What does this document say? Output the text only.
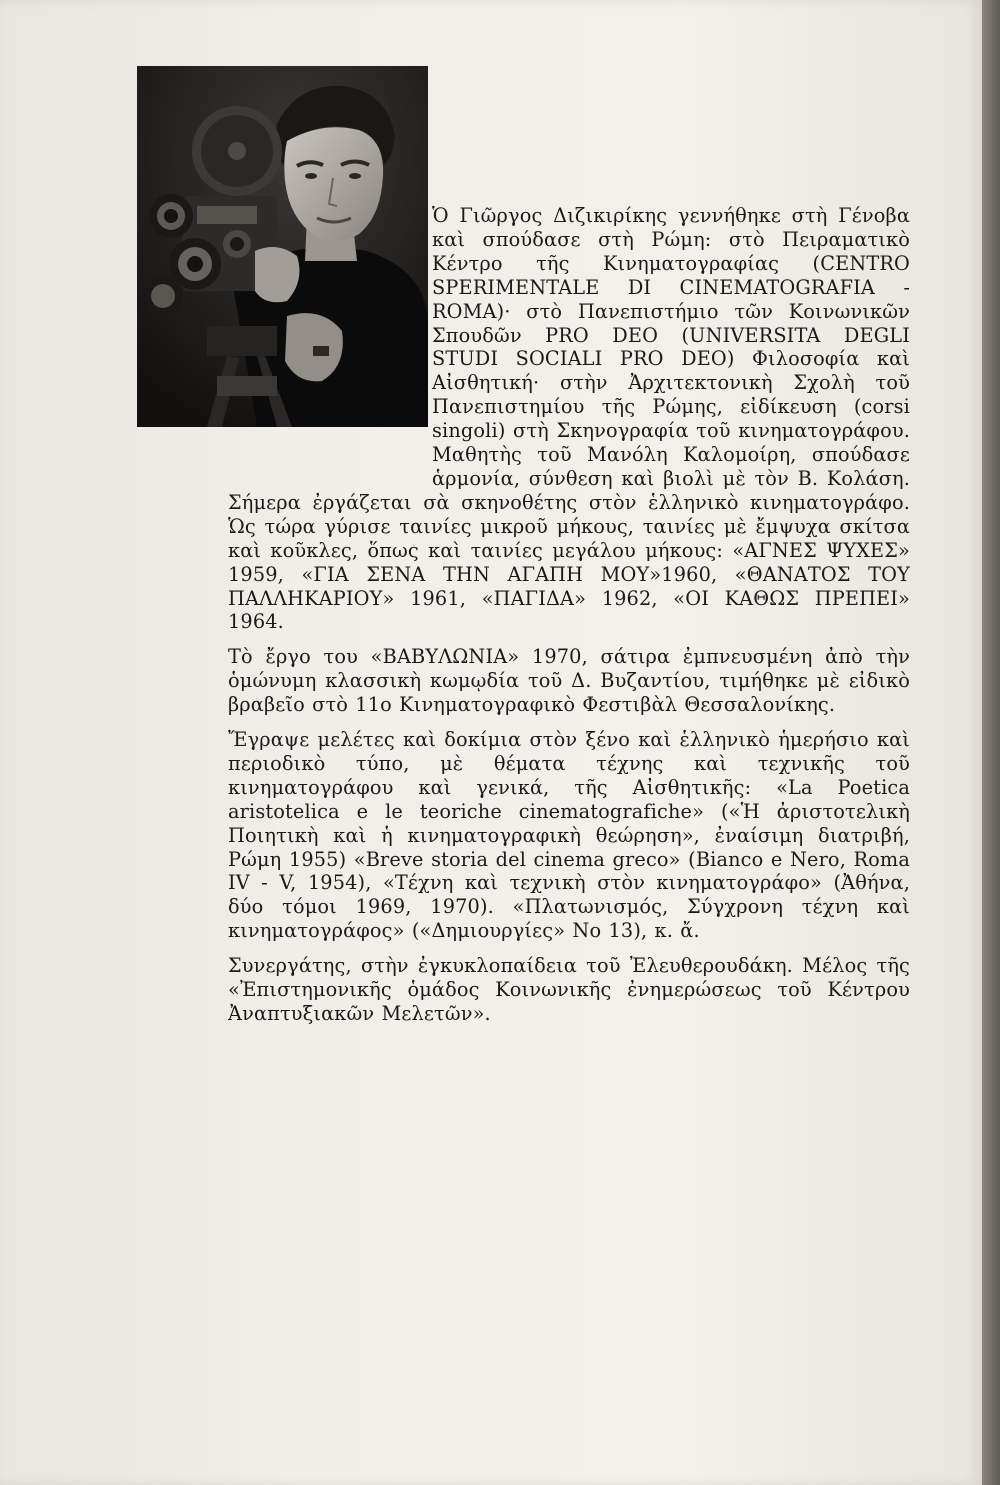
Ὁ Γιῶργος Διζικιρίκης γεννήθηκε στὴ Γένοβα καὶ σπούδασε στὴ Ρώμη: στὸ Πειραματικὸ Κέντρο τῆς Κινηματογραφίας (CENTRO SPERIMENTALE DI CINEMATOGRAFIA - ROMA)· στὸ Πανεπιστήμιο τῶν Κοινωνικῶν Σπουδῶν PRO DEO (UNIVERSITA DEGLI STUDI SOCIALI PRO DEO) Φιλοσοφία καὶ Αἰσθητική· στὴν Ἀρχιτεκτονικὴ Σχολὴ τοῦ Πανεπιστημίου τῆς Ρώμης, εἰδίκευση (corsi singoli) στὴ Σκηνογραφία τοῦ κινηματογράφου. Μαθητὴς τοῦ Μανόλη Καλομοίρη, σπούδασε ἁρμονία, σύνθεση καὶ βιολὶ μὲ τὸν Β. Κολάση. Σήμερα ἐργάζεται σὰ σκηνοθέτης στὸν ἑλληνικὸ κινηματογράφο. Ὡς τώρα γύρισε ταινίες μικροῦ μήκους, ταινίες μὲ ἔμψυχα σκίτσα καὶ κοῦκλες, ὅπως καὶ ταινίες μεγάλου μήκους: «ΑΓΝΕΣ ΨΥΧΕΣ» 1959, «ΓΙΑ ΣΕΝΑ ΤΗΝ ΑΓΑΠΗ ΜΟΥ»1960, «ΘΑΝΑΤΟΣ ΤΟΥ ΠΑΛΛΗΚΑΡΙΟΥ» 1961, «ΠΑΓΙΔΑ» 1962, «ΟΙ ΚΑΘΩΣ ΠΡΕΠΕΙ» 1964.

Τὸ ἔργο του «ΒΑΒΥΛΩΝΙΑ» 1970, σάτιρα ἐμπνευσμένη ἀπὸ τὴν ὁμώνυμη κλασσικὴ κωμῳδία τοῦ Δ. Βυζαντίου, τιμήθηκε μὲ εἰδικὸ βραβεῖο στὸ 11ο Κινηματογραφικὸ Φεστιβὰλ Θεσσαλονίκης.

Ἔγραψε μελέτες καὶ δοκίμια στὸν ξένο καὶ ἑλληνικὸ ἡμερήσιο καὶ περιοδικὸ τύπο, μὲ θέματα τέχνης καὶ τεχνικῆς τοῦ κινηματογράφου καὶ γενικά, τῆς Αἰσθητικῆς: «La Poetica aristotelica e le teoriche cinematografiche» («Ἡ ἀριστοτελικὴ Ποιητικὴ καὶ ἡ κινηματογραφικὴ θεώρηση», ἐναίσιμη διατριβή, Ρώμη 1955) «Breve storia del cinema greco» (Bianco e Nero, Roma IV - V, 1954), «Τέχνη καὶ τεχνικὴ στὸν κινηματογράφο» (Ἀθήνα, δύο τόμοι 1969, 1970). «Πλατωνισμός, Σύγχρονη τέχνη καὶ κινηματογράφος» («Δημιουργίες» No 13), κ. ἄ.

Συνεργάτης, στὴν ἐγκυκλοπαίδεια τοῦ Ἐλευθερουδάκη. Μέλος τῆς «Ἐπιστημονικῆς ὁμάδος Κοινωνικῆς ἐνημερώσεως τοῦ Κέντρου Ἀναπτυξιακῶν Μελετῶν».
